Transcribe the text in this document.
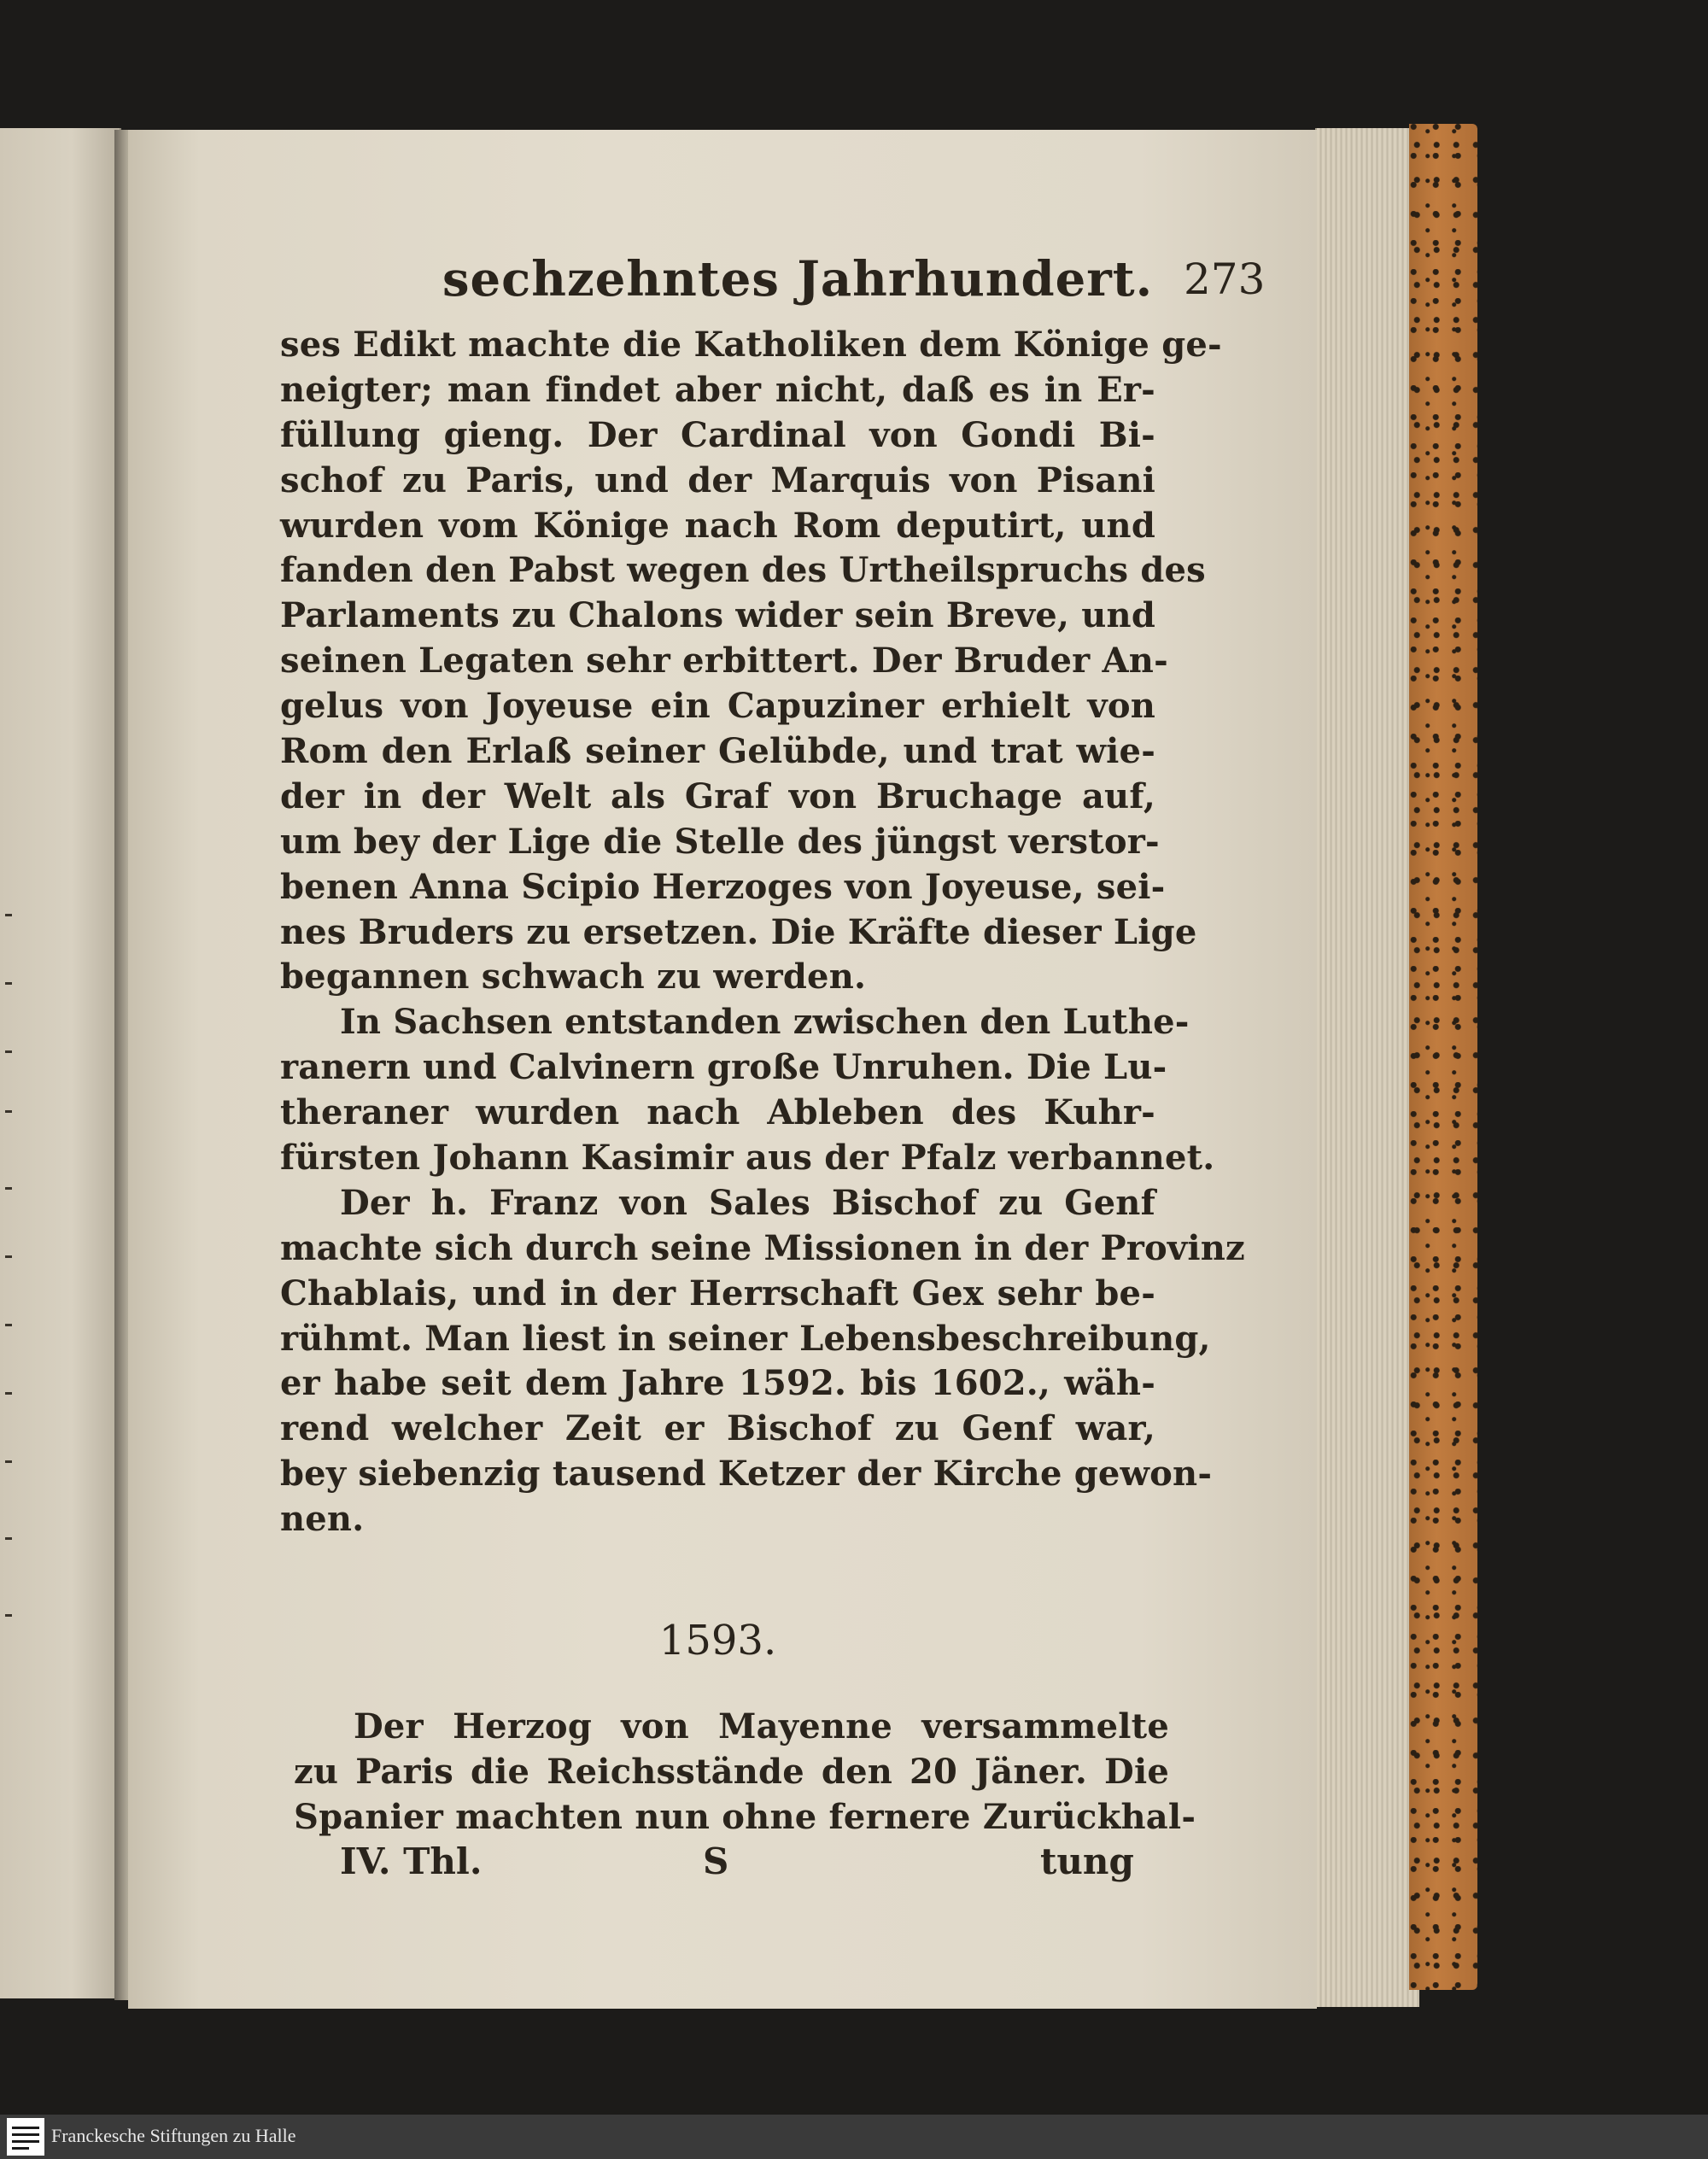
sechzehntes Jahrhundert. 273
ses Edikt machte die Katholiken dem Könige ge-
neigter; man findet aber nicht, daß es in Er-
füllung gieng. Der Cardinal von Gondi Bi-
schof zu Paris, und der Marquis von Pisani
wurden vom Könige nach Rom deputirt, und
fanden den Pabst wegen des Urtheilspruchs des
Parlaments zu Chalons wider sein Breve, und
seinen Legaten sehr erbittert. Der Bruder An-
gelus von Joyeuse ein Capuziner erhielt von
Rom den Erlaß seiner Gelübde, und trat wie-
der in der Welt als Graf von Bruchage auf,
um bey der Lige die Stelle des jüngst verstor-
benen Anna Scipio Herzoges von Joyeuse, sei-
nes Bruders zu ersetzen. Die Kräfte dieser Lige
begannen schwach zu werden.
In Sachsen entstanden zwischen den Luthe-
ranern und Calvinern große Unruhen. Die Lu-
theraner wurden nach Ableben des Kuhr-
fürsten Johann Kasimir aus der Pfalz verbannet.
Der h. Franz von Sales Bischof zu Genf
machte sich durch seine Missionen in der Provinz
Chablais, und in der Herrschaft Gex sehr be-
rühmt. Man liest in seiner Lebensbeschreibung,
er habe seit dem Jahre 1592. bis 1602., wäh-
rend welcher Zeit er Bischof zu Genf war,
bey siebenzig tausend Ketzer der Kirche gewon-
nen.
1593.
Der Herzog von Mayenne versammelte
zu Paris die Reichsstände den 20 Jäner. Die
Spanier machten nun ohne fernere Zurückhal-
IV. Thl.	S	tung
Franckesche Stiftungen zu Halle
